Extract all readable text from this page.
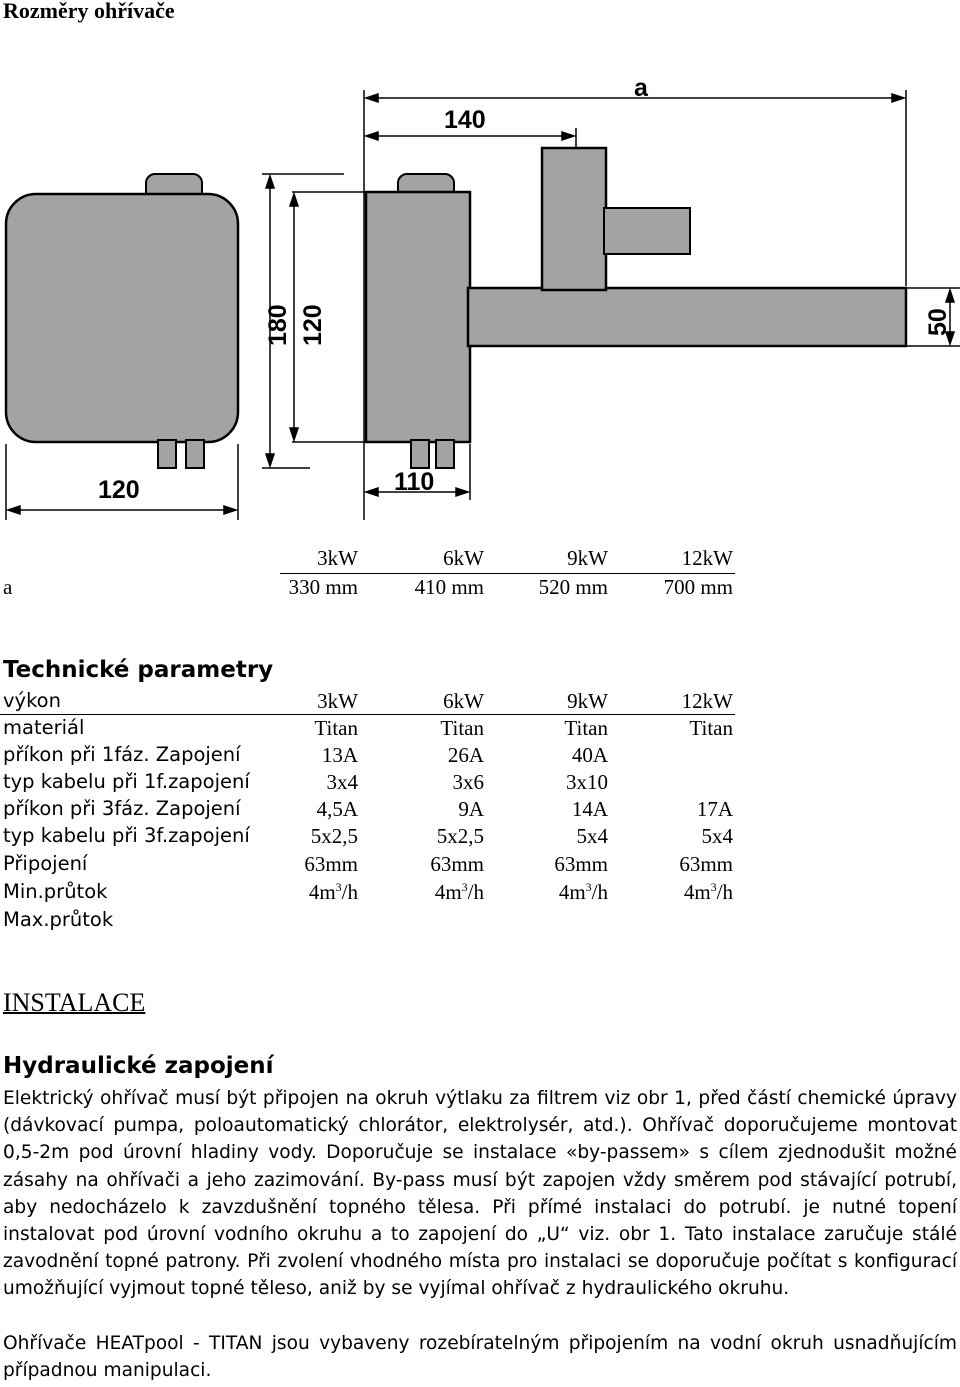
Rozměry ohřívače
a
140
180 120	50
120	110
3kW	6kW	9kW	12kW
a	330 mm	410 mm	520 mm	700 mm
Technické parametry
výkon	3kW	6kW	9kW	12kW
materiál	Titan	Titan	Titan	Titan
příkon při 1fáz. Zapojení	13A	26A	40A
typ kabelu při 1f.zapojení	3x4	3x6	3x10
příkon při 3fáz. Zapojení	4,5A	9A	14A	17A
typ kabelu při 3f.zapojení	5x2,5	5x2,5	5x4	5x4
Připojení	63mm	63mm	63mm	63mm
Min.průtok	$4m^3/h$	$4m^3/h$	$4m^3/h$	$4m^3/h$
Max.průtok
INSTALACE
Hydraulické zapojení
Elektrický ohřívač musí být připojen na okruh výtlaku za filtrem viz obr 1, před částí chemické úpravy (dávkovací pumpa, poloautomatický chlorátor, elektrolysér, atd.). Ohřívač doporučujeme montovat 0,5-2m pod úrovní hladiny vody. Doporučuje se instalace «by-passem» s cílem zjednodušit možné zásahy na ohřívači a jeho zazimování. By-pass musí být zapojen vždy směrem pod stávající potrubí, aby nedocházelo k zavzdušnění topného tělesa. Při přímé instalaci do potrubí. je nutné topení instalovat pod úrovní vodního okruhu a to zapojení do „U“ viz. obr 1. Tato instalace zaručuje stálé zavodnění topné patrony. Při zvolení vhodného místa pro instalaci se doporučuje počítat s konfigurací umožňující vyjmout topné těleso, aniž by se vyjímal ohřívač z hydraulického okruhu.
Ohřívače HEATpool - TITAN jsou vybaveny rozebíratelným připojením na vodní okruh usnadňujícím případnou manipulaci.
